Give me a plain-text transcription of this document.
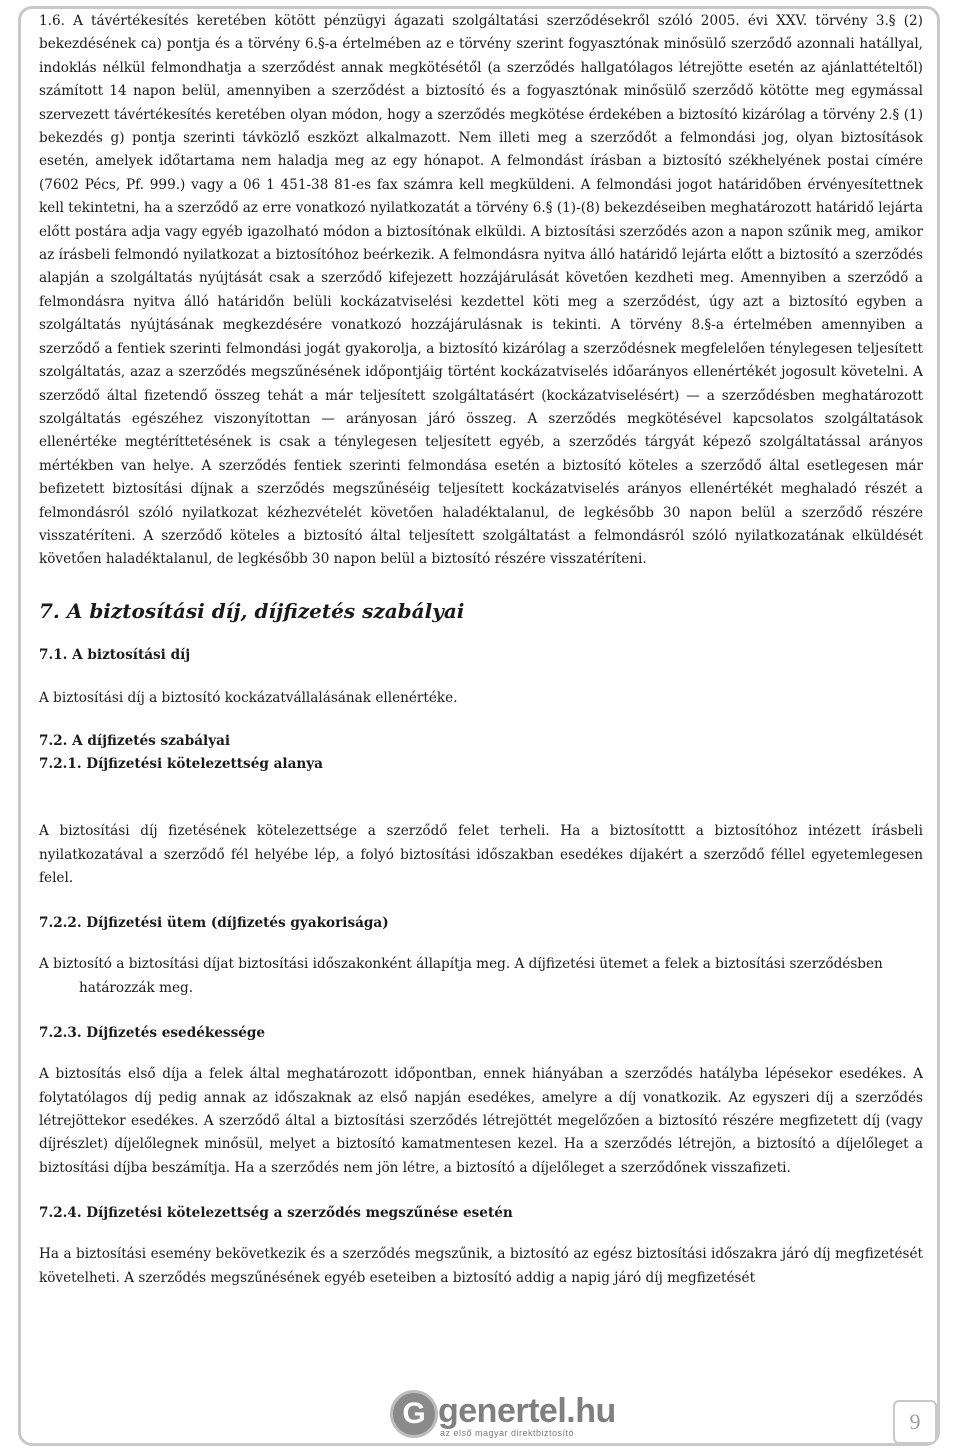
1.6. A távértékesítés keretében kötött pénzügyi ágazati szolgáltatási szerződésekről szóló 2005. évi XXV. törvény 3.§ (2) bekezdésének ca) pontja és a törvény 6.§-a értelmében az e törvény szerint fogyasztónak minősülő szerződő azonnali hatállyal, indoklás nélkül felmondhatja a szerződést annak megkötésétől (a szerződés hallgatólagos létrejötte esetén az ajánlattételtől) számított 14 napon belül, amennyiben a szerződést a biztosító és a fogyasztónak minősülő szerződő kötötte meg egymással szervezett távértékesítés keretében olyan módon, hogy a szerződés megkötése érdekében a biztosító kizárólag a törvény 2.§ (1) bekezdés g) pontja szerinti távközlő eszközt alkalmazott. Nem illeti meg a szerződőt a felmondási jog, olyan biztosítások esetén, amelyek időtartama nem haladja meg az egy hónapot. A felmondást írásban a biztosító székhelyének postai címére (7602 Pécs, Pf. 999.) vagy a 06 1 451-38 81-es fax számra kell megküldeni. A felmondási jogot határidőben érvényesítettnek kell tekintetni, ha a szerződő az erre vonatkozó nyilatkozatát a törvény 6.§ (1)-(8) bekezdéseiben meghatározott határidő lejárta előtt postára adja vagy egyéb igazolható módon a biztosítónak elküldi. A biztosítási szerződés azon a napon szűnik meg, amikor az írásbeli felmondó nyilatkozat a biztosítóhoz beérkezik. A felmondásra nyitva álló határidő lejárta előtt a biztosító a szerződés alapján a szolgáltatás nyújtását csak a szerződő kifejezett hozzájárulását követően kezdheti meg. Amennyiben a szerződő a felmondásra nyitva álló határidőn belüli kockázatviselési kezdettel köti meg a szerződést, úgy azt a biztosító egyben a szolgáltatás nyújtásának megkezdésére vonatkozó hozzájárulásnak is tekinti. A törvény 8.§-a értelmében amennyiben a szerződő a fentiek szerinti felmondási jogát gyakorolja, a biztosító kizárólag a szerződésnek megfelelően ténylegesen teljesített szolgáltatás, azaz a szerződés megszűnésének időpontjáig történt kockázatviselés időarányos ellenértékét jogosult követelni. A szerződő által fizetendő összeg tehát a már teljesített szolgáltatásért (kockázatviselésért) — a szerződésben meghatározott szolgáltatás egészéhez viszonyítottan — arányosan járó összeg. A szerződés megkötésével kapcsolatos szolgáltatások ellenértéke megtéríttetésének is csak a ténylegesen teljesített egyéb, a szerződés tárgyát képező szolgáltatással arányos mértékben van helye. A szerződés fentiek szerinti felmondása esetén a biztosító köteles a szerződő által esetlegesen már befizetett biztosítási díjnak a szerződés megszűnéséig teljesített kockázatviselés arányos ellenértékét meghaladó részét a felmondásról szóló nyilatkozat kézhezvételét követően haladéktalanul, de legkésőbb 30 napon belül a szerződő részére visszatéríteni. A szerződő köteles a biztosító által teljesített szolgáltatást a felmondásról szóló nyilatkozatának elküldését követően haladéktalanul, de legkésőbb 30 napon belül a biztosító részére visszatéríteni.

7. A biztosítási díj, díjfizetés szabályai

7.1. A biztosítási díj

A biztosítási díj a biztosító kockázatvállalásának ellenértéke.

7.2. A díjfizetés szabályai

7.2.1. Díjfizetési kötelezettség alanya

A biztosítási díj fizetésének kötelezettsége a szerződő felet terheli. Ha a biztosítottt a biztosítóhoz intézett írásbeli nyilatkozatával a szerződő fél helyébe lép, a folyó biztosítási időszakban esedékes díjakért a szerződő féllel egyetemlegesen felel.

7.2.2. Díjfizetési ütem (díjfizetés gyakorisága)

A biztosító a biztosítási díjat biztosítási időszakonként állapítja meg. A díjfizetési ütemet a felek a biztosítási szerződésben

határozzák meg.

7.2.3. Díjfizetés esedékessége

A biztosítás első díja a felek által meghatározott időpontban, ennek hiányában a szerződés hatályba lépésekor esedékes. A folytatólagos díj pedig annak az időszaknak az első napján esedékes, amelyre a díj vonatkozik. Az egyszeri díj a szerződés létrejöttekor esedékes. A szerződő által a biztosítási szerződés létrejöttét megelőzően a biztosító részére megfizetett díj (vagy díjrészlet) díjelőlegnek minősül, melyet a biztosító kamatmentesen kezel. Ha a szerződés létrejön, a biztosító a díjelőleget a biztosítási díjba beszámítja. Ha a szerződés nem jön létre, a biztosító a díjelőleget a szerződőnek visszafizeti.

7.2.4. Díjfizetési kötelezettség a szerződés megszűnése esetén

Ha a biztosítási esemény bekövetkezik és a szerződés megszűnik, a biztosító az egész biztosítási időszakra járó díj megfizetését követelheti. A szerződés megszűnésének egyéb eseteiben a biztosító addig a napig járó díj megfizetését

G genertel.hu
az első magyar direktbiztosító	9
